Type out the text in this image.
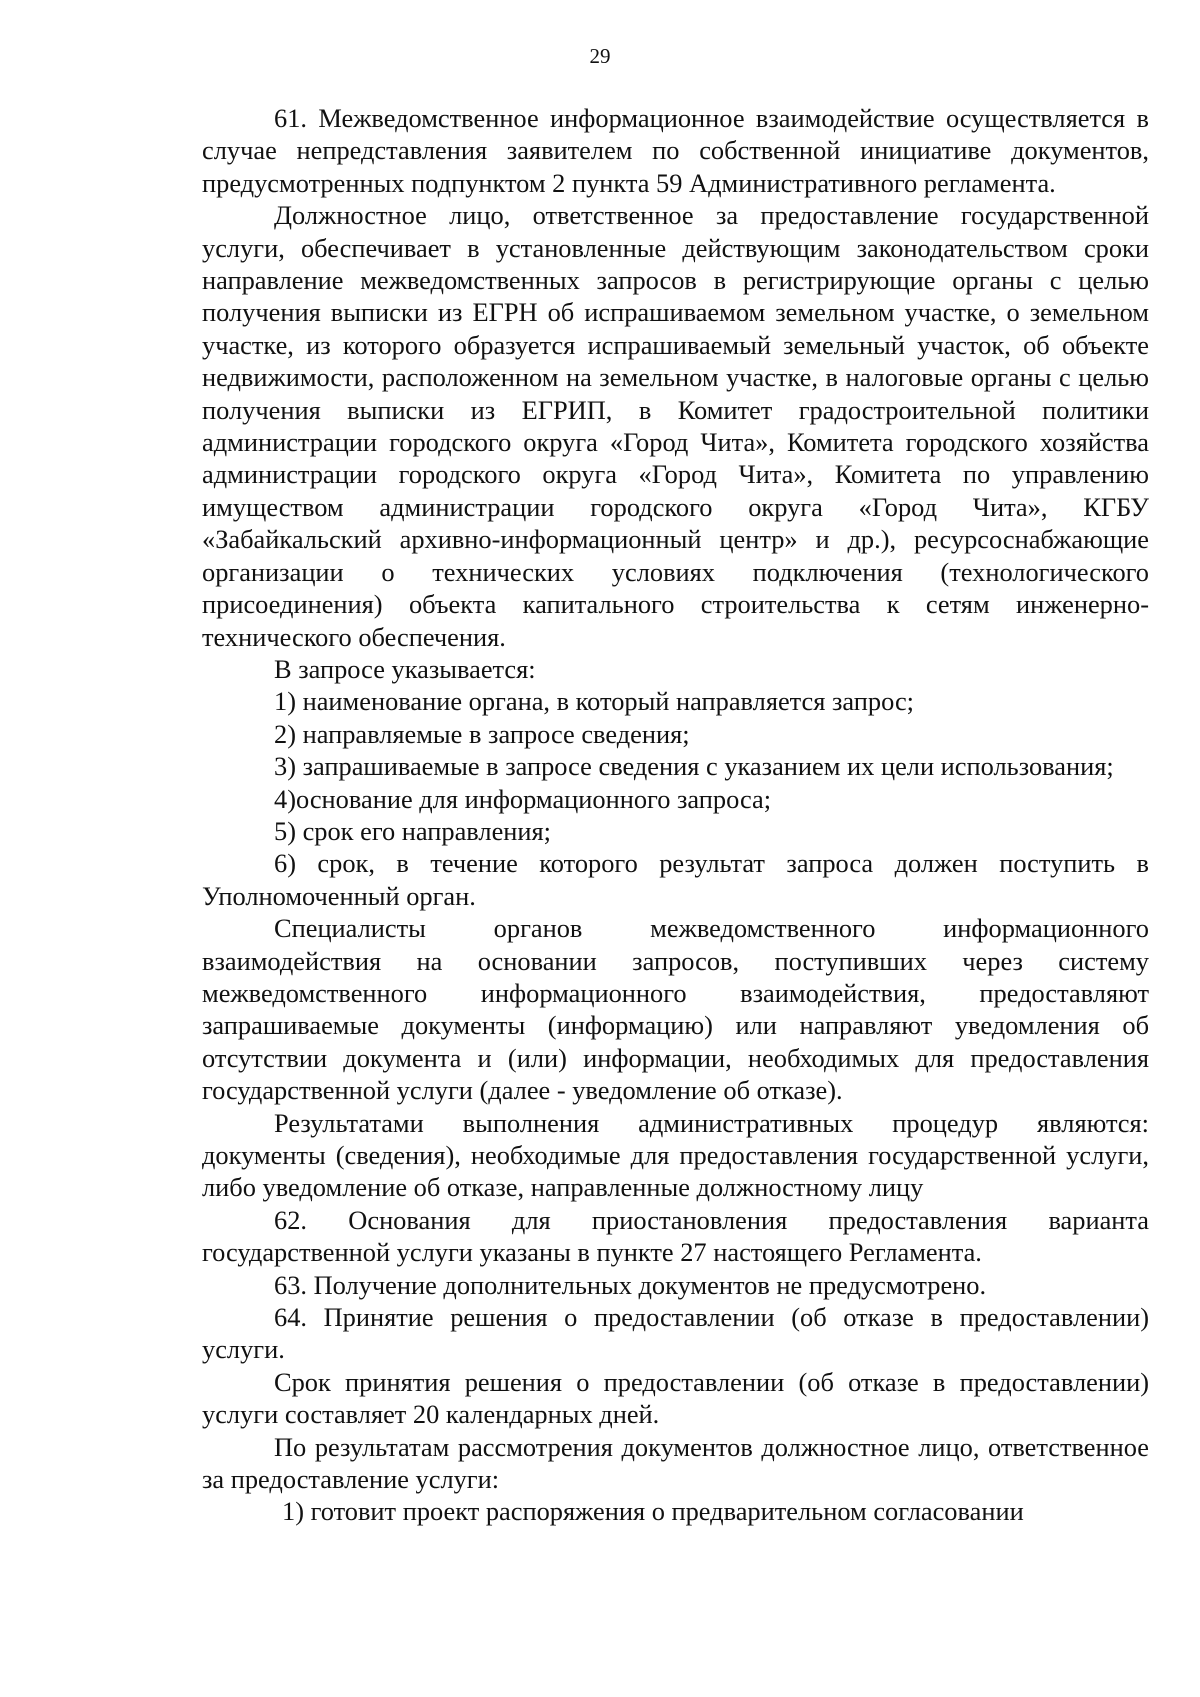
29

61. Межведомственное информационное взаимодействие осуществляется в случае непредставления заявителем по собственной инициативе документов, предусмотренных подпунктом 2 пункта 59 Административного регламента.

Должностное лицо, ответственное за предоставление государственной услуги, обеспечивает в установленные действующим законодательством сроки направление межведомственных запросов в регистрирующие органы с целью получения выписки из ЕГРН об испрашиваемом земельном участке, о земельном участке, из которого образуется испрашиваемый земельный участок, об объекте недвижимости, расположенном на земельном участке, в налоговые органы с целью получения выписки из ЕГРИП, в Комитет градостроительной политики администрации городского округа «Город Чита», Комитета городского хозяйства администрации городского округа «Город Чита», Комитета по управлению имуществом администрации городского округа «Город Чита», КГБУ «Забайкальский архивно-информационный центр» и др.), ресурсоснабжающие организации о технических условиях подключения (технологического присоединения) объекта капитального строительства к сетям инженерно-технического обеспечения.

В запросе указывается:

1) наименование органа, в который направляется запрос;

2) направляемые в запросе сведения;

3) запрашиваемые в запросе сведения с указанием их цели использования;

4)основание для информационного запроса;

5) срок его направления;

6) срок, в течение которого результат запроса должен поступить в Уполномоченный орган.

Специалисты органов межведомственного информационного взаимодействия на основании запросов, поступивших через систему межведомственного информационного взаимодействия, предоставляют запрашиваемые документы (информацию) или направляют уведомления об отсутствии документа и (или) информации, необходимых для предоставления государственной услуги (далее - уведомление об отказе).

Результатами выполнения административных процедур являются: документы (сведения), необходимые для предоставления государственной услуги, либо уведомление об отказе, направленные должностному лицу

62. Основания для приостановления предоставления варианта государственной услуги указаны в пункте 27 настоящего Регламента.

63. Получение дополнительных документов не предусмотрено.

64. Принятие решения о предоставлении (об отказе в предоставлении) услуги.

Срок принятия решения о предоставлении (об отказе в предоставлении) услуги составляет 20 календарных дней.

По результатам рассмотрения документов должностное лицо, ответственное за предоставление услуги:

1) готовит проект распоряжения о предварительном согласовании
